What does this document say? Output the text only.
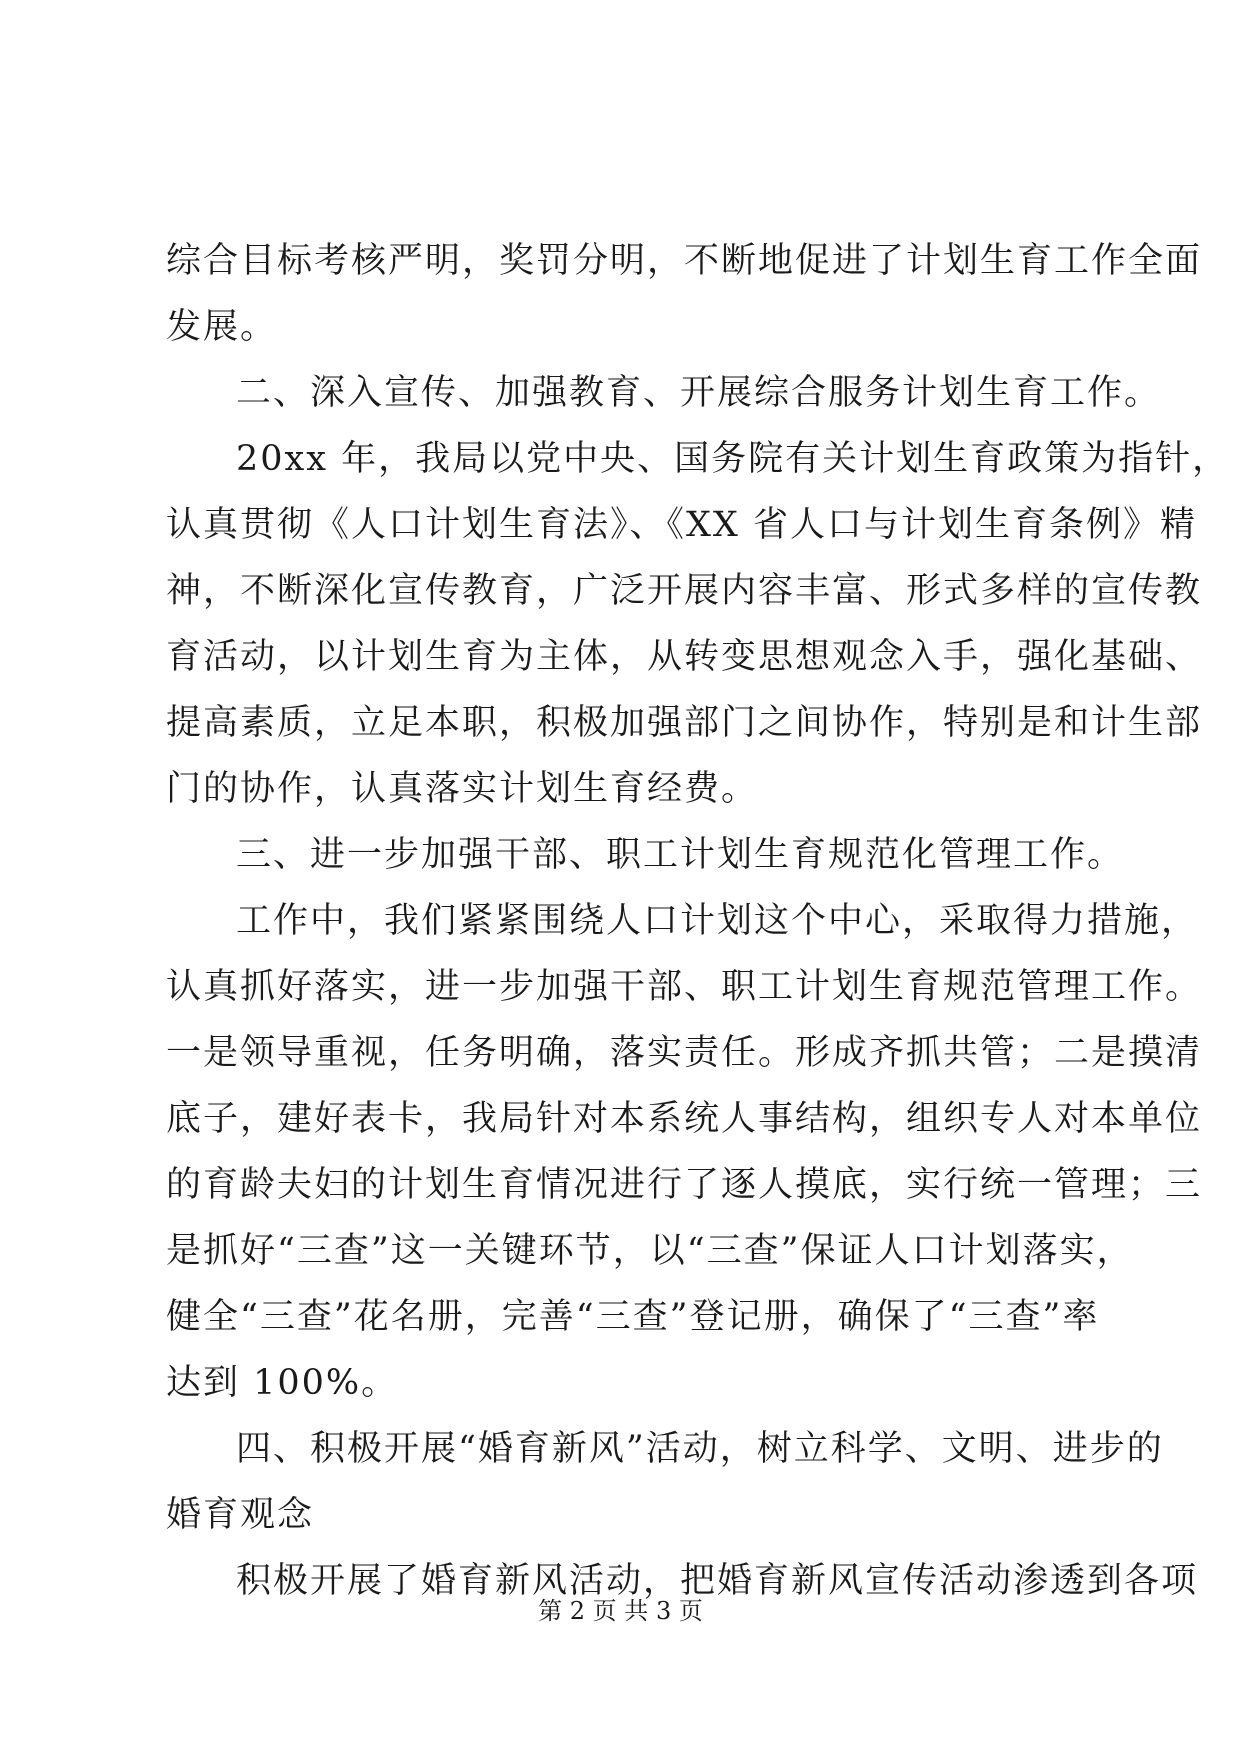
综合目标考核严明，奖罚分明，不断地促进了计划生育工作全面
发展。
二、深入宣传、加强教育、开展综合服务计划生育工作。
20xx 年，我局以党中央、国务院有关计划生育政策为指针，
认真贯彻《人口计划生育法》、《XX 省人口与计划生育条例》精
神，不断深化宣传教育，广泛开展内容丰富、形式多样的宣传教
育活动，以计划生育为主体，从转变思想观念入手，强化基础、
提高素质，立足本职，积极加强部门之间协作，特别是和计生部
门的协作，认真落实计划生育经费。
三、进一步加强干部、职工计划生育规范化管理工作。
工作中，我们紧紧围绕人口计划这个中心，采取得力措施，
认真抓好落实，进一步加强干部、职工计划生育规范管理工作。
一是领导重视，任务明确，落实责任。形成齐抓共管；二是摸清
底子，建好表卡，我局针对本系统人事结构，组织专人对本单位
的育龄夫妇的计划生育情况进行了逐人摸底，实行统一管理；三
是抓好“三查”这一关键环节，以“三查”保证人口计划落实，
健全“三查”花名册，完善“三查”登记册，确保了“三查”率
达到 100%。
四、积极开展“婚育新风”活动，树立科学、文明、进步的
婚育观念
积极开展了婚育新风活动，把婚育新风宣传活动渗透到各项
第 2 页 共 3 页
